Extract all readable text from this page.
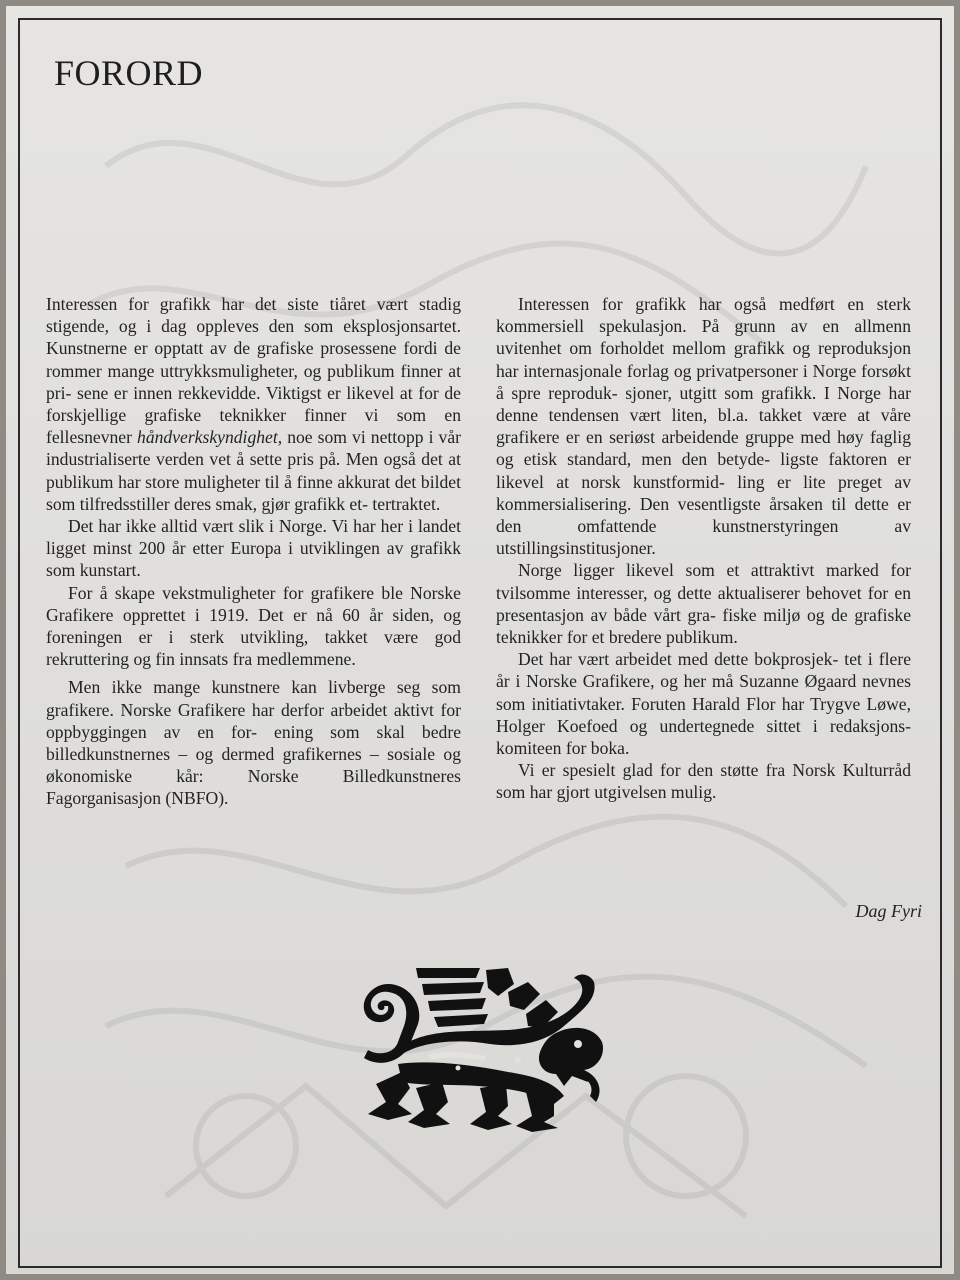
FORORD

Interessen for grafikk har det siste tiåret vært stadig stigende, og i dag oppleves den som eksplosjonsartet. Kunstnerne er opptatt av de grafiske prosessene fordi de rommer mange uttrykksmuligheter, og publikum finner at pri- sene er innen rekkevidde. Viktigst er likevel at for de forskjellige grafiske teknikker finner vi som en fellesnevner håndverkskyndighet, noe som vi nettopp i vår industrialiserte verden vet å sette pris på. Men også det at publikum har store muligheter til å finne akkurat det bildet som tilfredsstiller deres smak, gjør grafikk et- tertraktet.

Det har ikke alltid vært slik i Norge. Vi har her i landet ligget minst 200 år etter Europa i utviklingen av grafikk som kunstart.

For å skape vekstmuligheter for grafikere ble Norske Grafikere opprettet i 1919. Det er nå 60 år siden, og foreningen er i sterk utvikling, takket være god rekruttering og fin innsats fra medlemmene.

Men ikke mange kunstnere kan livberge seg som grafikere. Norske Grafikere har derfor arbeidet aktivt for oppbyggingen av en for- ening som skal bedre billedkunstnernes – og dermed grafikernes – sosiale og økonomiske kår: Norske Billedkunstneres Fagorganisasjon (NBFO).

Interessen for grafikk har også medført en sterk kommersiell spekulasjon. På grunn av en allmenn uvitenhet om forholdet mellom grafikk og reproduksjon har internasjonale forlag og privatpersoner i Norge forsøkt å spre reproduk- sjoner, utgitt som grafikk. I Norge har denne tendensen vært liten, bl.a. takket være at våre grafikere er en seriøst arbeidende gruppe med høy faglig og etisk standard, men den betyde- ligste faktoren er likevel at norsk kunstformid- ling er lite preget av kommersialisering. Den vesentligste årsaken til dette er den omfattende kunstnerstyringen av utstillingsinstitusjoner.

Norge ligger likevel som et attraktivt marked for tvilsomme interesser, og dette aktualiserer behovet for en presentasjon av både vårt gra- fiske miljø og de grafiske teknikker for et bredere publikum.

Det har vært arbeidet med dette bokprosjek- tet i flere år i Norske Grafikere, og her må Suzanne Øgaard nevnes som initiativtaker. Foruten Harald Flor har Trygve Løwe, Holger Koefoed og undertegnede sittet i redaksjons- komiteen for boka.

Vi er spesielt glad for den støtte fra Norsk Kulturråd som har gjort utgivelsen mulig.

Dag Fyri
